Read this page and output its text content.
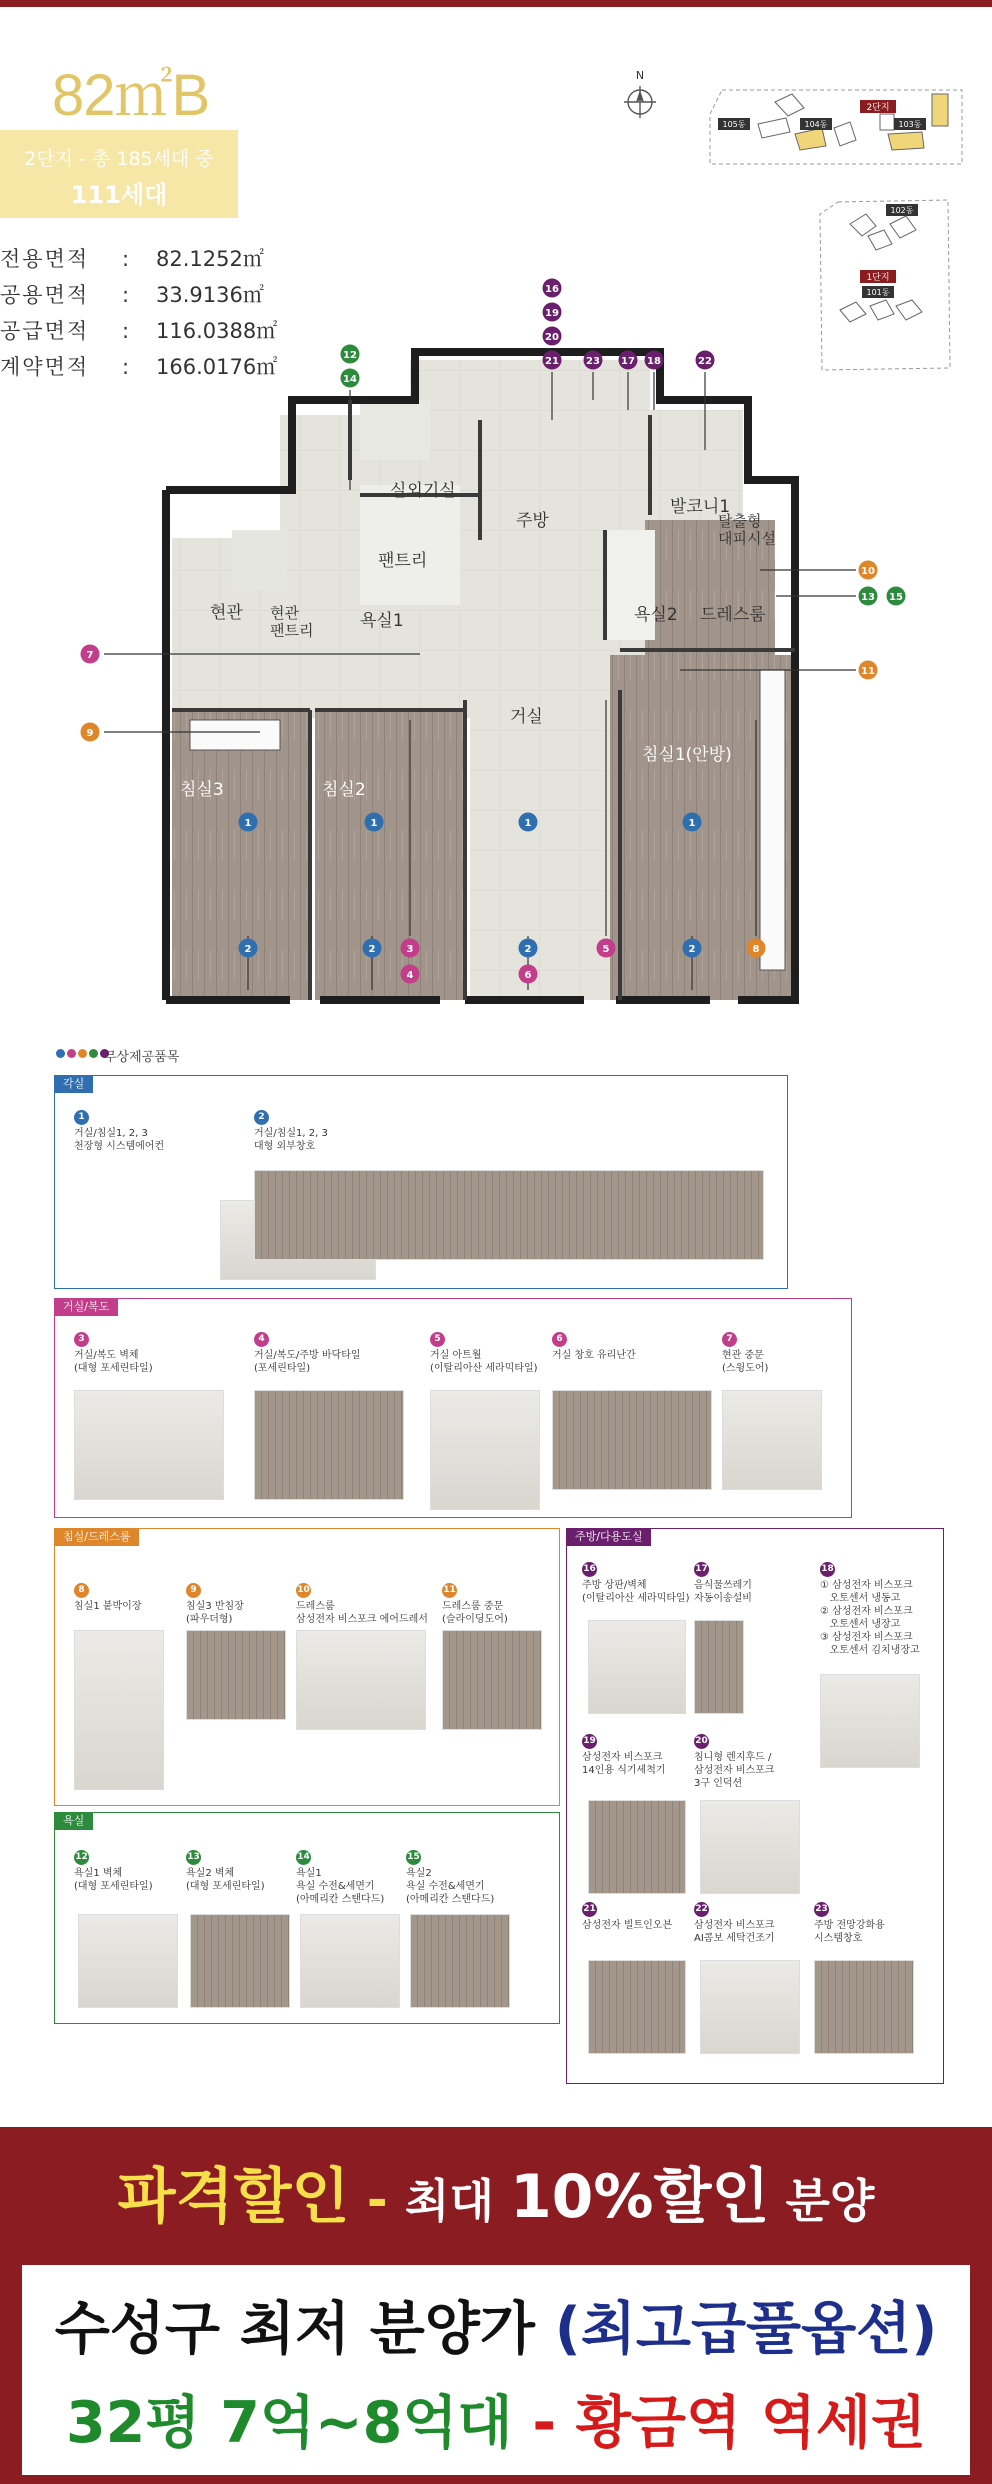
82㎡B
2단지 - 총 185세대 중
111세대
전용면적 : 82.1252㎡
공용면적 : 33.9136㎡
공급면적 : 116.0388㎡
계약면적 : 166.0176㎡
N
105동	104동
2단지
103동
102동
1단지
101동
실외기실
팬트리
주방
발코니1
탈출형 대피시설
현관 현관 팬트리	욕실1	욕실2 드레스룸
거실
침실3	침실2
침실1(안방)
16
19
20
21	23 17 18	22
12
14
10
13 15
11
7
9
1	1	1	1
2	2	3
4
2
6
5	2	8
무상제공품목
각실
거실/복도
침실/드레스룸	주방/다용도실
욕실
파격할인 - 최대 10%할인 분양
수성구 최저 분양가 (최고급풀옵션)
32평 7억~8억대 - 황금역 역세권
1
거실/침실1, 2, 3
천장형 시스템에어컨
2
거실/침실1, 2, 3
대형 외부창호
3
거실/복도 벽체
(대형 포세린타일)
4
거실/복도/주방 바닥타일
(포세린타일)
5
거실 아트월
(이탈리아산 세라믹타일)
6
거실 창호 유리난간
7
현관 중문
(스윙도어)
8
침실1 붙박이장
9
침실3 반침장
(파우더형)
10
드레스룸
삼성전자 비스포크 에어드레서
11
드레스룸 중문
(슬라이딩도어)
16
주방 상판/벽체
(이탈리아산 세라믹타일)
17
음식물쓰레기
자동이송설비
18
① 삼성전자 비스포크
오토센서 냉동고
② 삼성전자 비스포크
오토센서 냉장고
③ 삼성전자 비스포크
오토센서 김치냉장고
19
삼성전자 비스포크
14인용 식기세척기
20
침니형 렌지후드 /
삼성전자 비스포크
3구 인덕션
21
삼성전자 빌트인오븐
22
삼성전자 비스포크
AI콤보 세탁건조기
23
주방 전망강화용
시스템창호
12
욕실1 벽체
(대형 포세린타일)
13
욕실2 벽체
(대형 포세린타일)
14
욕실1
욕실 수전&세면기
(아메리칸 스탠다드)
15
욕실2
욕실 수전&세면기
(아메리칸 스탠다드)
